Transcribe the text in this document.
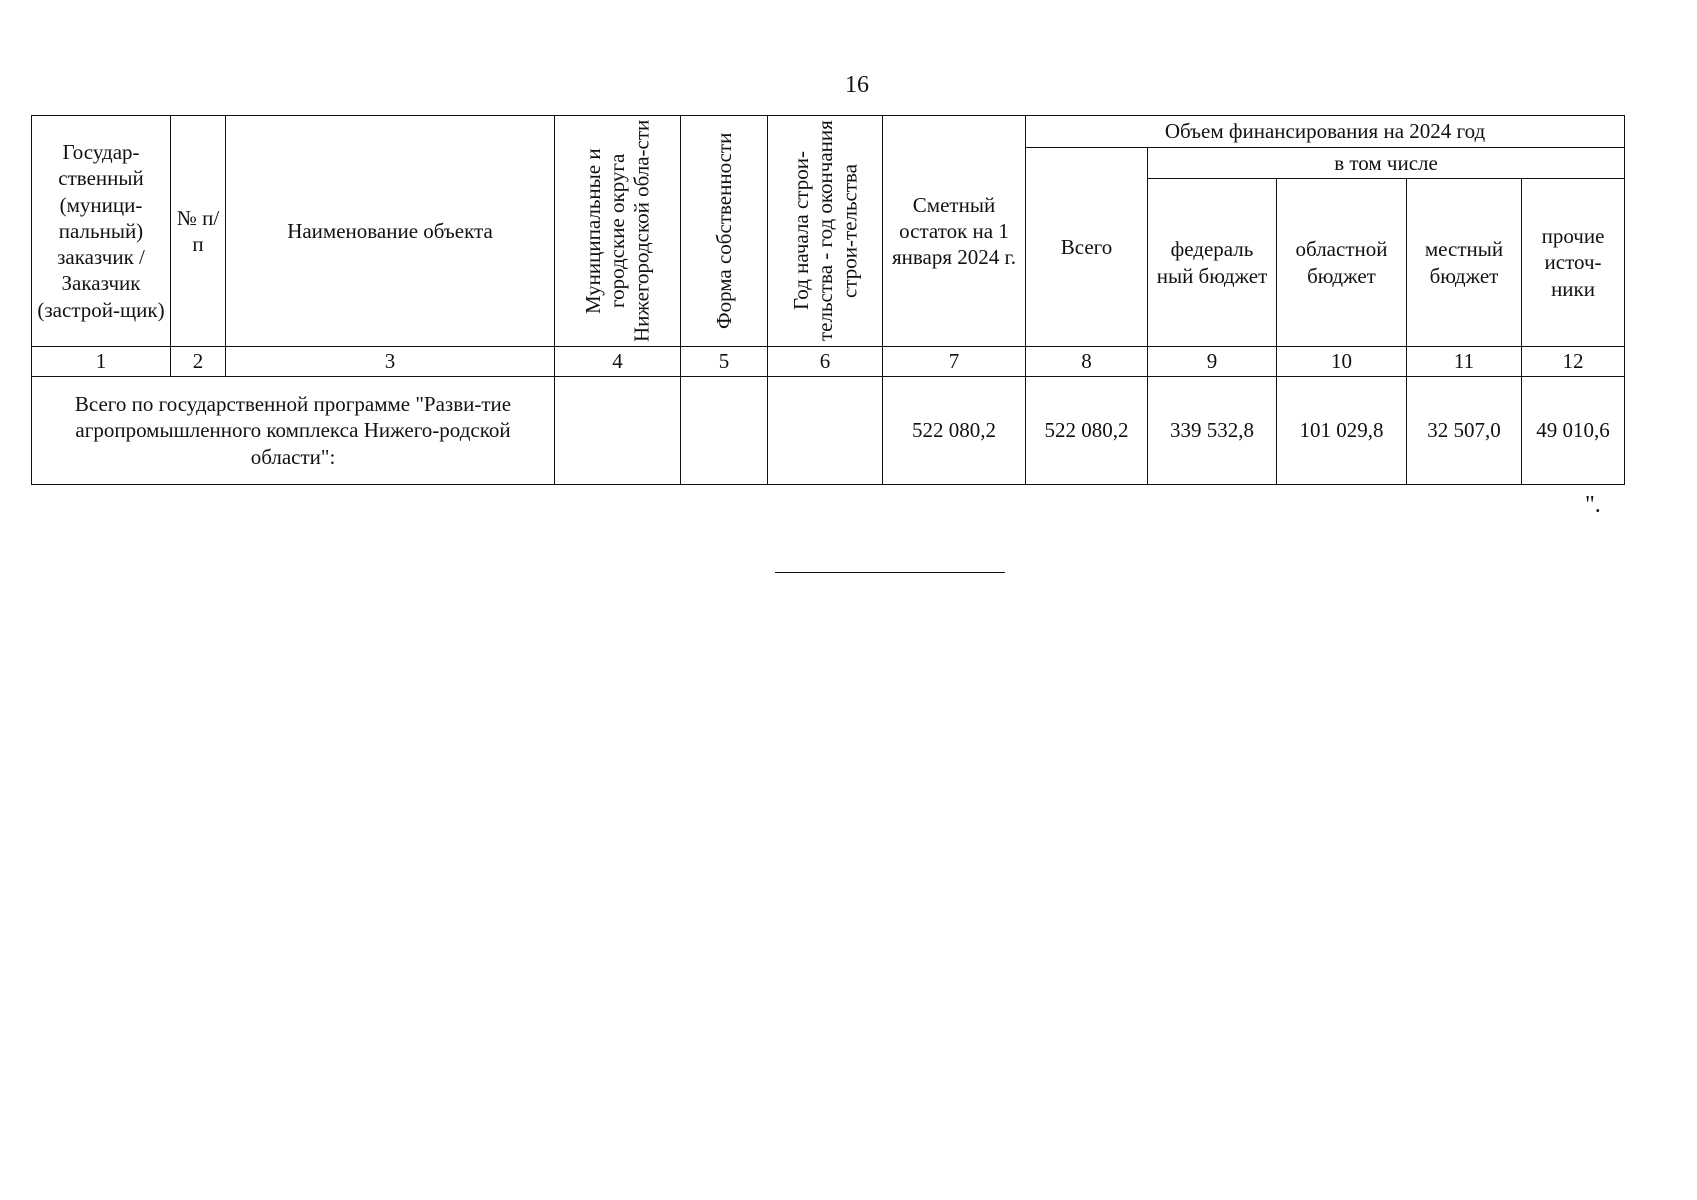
16
Государ-ственный (муници-пальный) заказчик / Заказчик (застрой-щик)	№ п/п	Наименование объекта	Муниципальные и городские округа Нижегородской обла-сти	Форма собственности	Год начала строи-тельства - год окончания строи-тельства	Сметный остаток на 1 января 2024 г.	Объем финансирования на 2024 год				
							Всего	в том числе			
								федераль ный бюджет	областной бюджет	местный бюджет	прочие источ-ники
1	2	3	4	5	6	7	8	9	10	11	12
Всего по государственной программе "Разви-тие агропромышленного комплекса Нижего-родской области":						522 080,2	522 080,2	339 532,8	101 029,8	32 507,0	49 010,6
".
